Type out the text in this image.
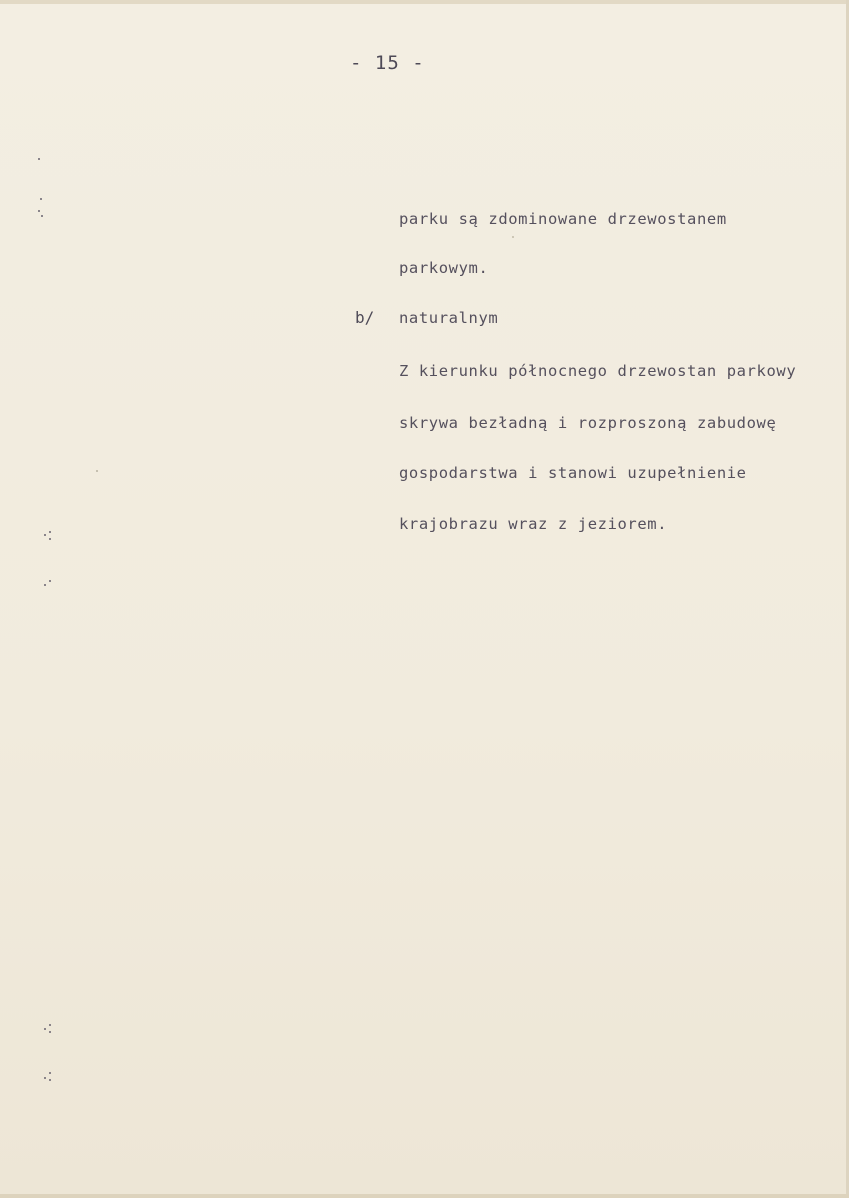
- 15 -
parku są zdominowane drzewostanem
parkowym.
b/ naturalnym
Z kierunku północnego drzewostan parkowy
skrywa bezładną i rozproszoną zabudowę
gospodarstwa i stanowi uzupełnienie
krajobrazu wraz z jeziorem.
